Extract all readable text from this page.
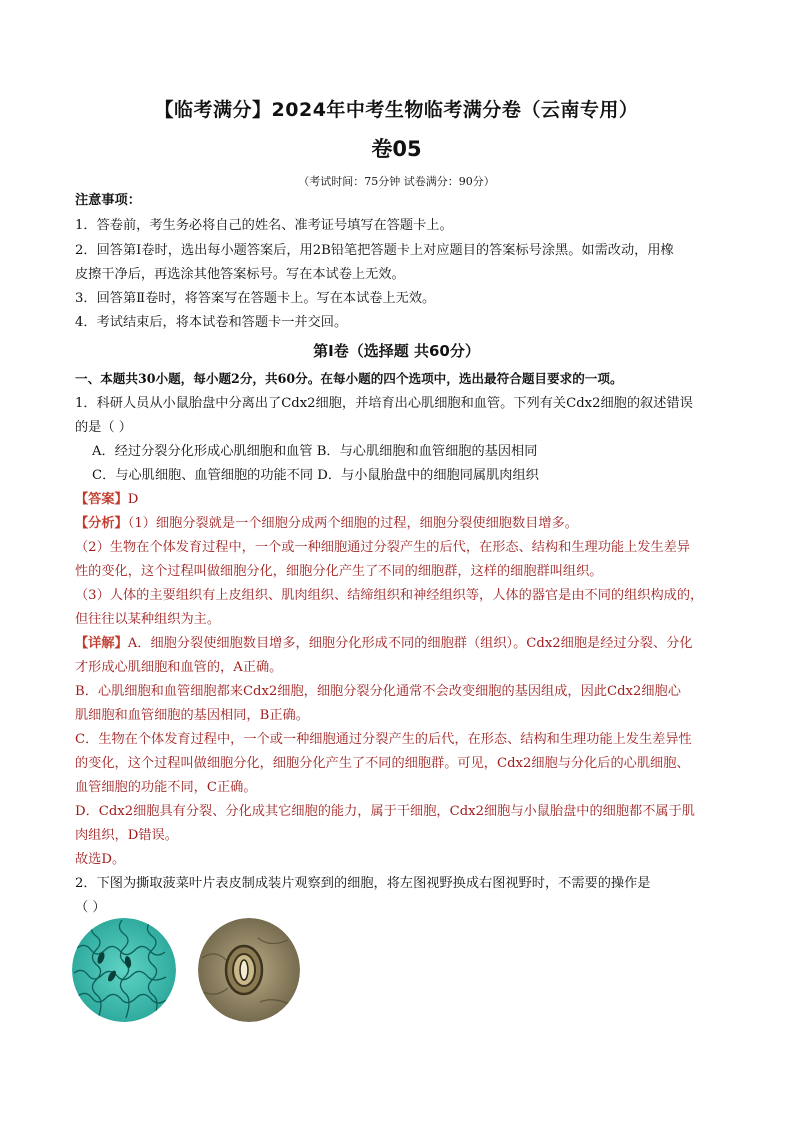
【临考满分】2024年中考生物临考满分卷（云南专用）
卷05
（考试时间：75分钟 试卷满分：90分）
注意事项：
1．答卷前，考生务必将自己的姓名、准考证号填写在答题卡上。
2．回答第Ⅰ卷时，选出每小题答案后，用2B铅笔把答题卡上对应题目的答案标号涂黑。如需改动，用橡
皮擦干净后，再选涂其他答案标号。写在本试卷上无效。
3．回答第Ⅱ卷时，将答案写在答题卡上。写在本试卷上无效。
4．考试结束后，将本试卷和答题卡一并交回。
第Ⅰ卷（选择题 共60分）
一、本题共30小题，每小题2分，共60分。在每小题的四个选项中，选出最符合题目要求的一项。
1．科研人员从小鼠胎盘中分离出了Cdx2细胞，并培育出心肌细胞和血管。下列有关Cdx2细胞的叙述错误
的是（ ）
A．经过分裂分化形成心肌细胞和血管 B．与心肌细胞和血管细胞的基因相同
C．与心肌细胞、血管细胞的功能不同 D．与小鼠胎盘中的细胞同属肌肉组织
【答案】D
【分析】（1）细胞分裂就是一个细胞分成两个细胞的过程，细胞分裂使细胞数目增多。
（2）生物在个体发育过程中，一个或一种细胞通过分裂产生的后代，在形态、结构和生理功能上发生差异
性的变化，这个过程叫做细胞分化，细胞分化产生了不同的细胞群，这样的细胞群叫组织。
（3）人体的主要组织有上皮组织、肌肉组织、结缔组织和神经组织等，人体的器官是由不同的组织构成的，
但往往以某种组织为主。
【详解】A．细胞分裂使细胞数目增多，细胞分化形成不同的细胞群（组织）。Cdx2细胞是经过分裂、分化
才形成心肌细胞和血管的，A正确。
B．心肌细胞和血管细胞都来Cdx2细胞，细胞分裂分化通常不会改变细胞的基因组成，因此Cdx2细胞心
肌细胞和血管细胞的基因相同，B正确。
C．生物在个体发育过程中，一个或一种细胞通过分裂产生的后代，在形态、结构和生理功能上发生差异性
的变化，这个过程叫做细胞分化，细胞分化产生了不同的细胞群。可见，Cdx2细胞与分化后的心肌细胞、
血管细胞的功能不同，C正确。
D．Cdx2细胞具有分裂、分化成其它细胞的能力，属于干细胞，Cdx2细胞与小鼠胎盘中的细胞都不属于肌
肉组织，D错误。
故选D。
2．下图为撕取菠菜叶片表皮制成装片观察到的细胞，将左图视野换成右图视野时，不需要的操作是
（ ）
